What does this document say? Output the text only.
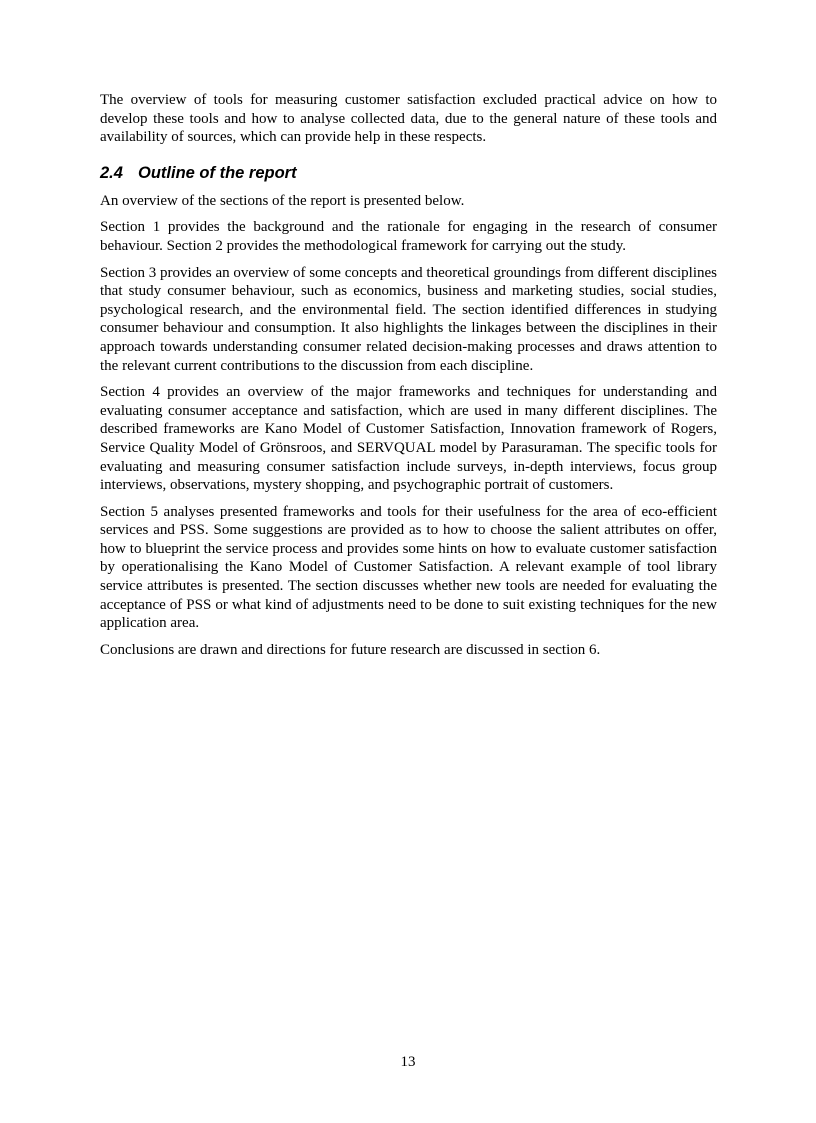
The overview of tools for measuring customer satisfaction excluded practical advice on how to develop these tools and how to analyse collected data, due to the general nature of these tools and availability of sources, which can provide help in these respects.

2.4 Outline of the report

An overview of the sections of the report is presented below.

Section 1 provides the background and the rationale for engaging in the research of consumer behaviour. Section 2 provides the methodological framework for carrying out the study.

Section 3 provides an overview of some concepts and theoretical groundings from different disciplines that study consumer behaviour, such as economics, business and marketing studies, social studies, psychological research, and the environmental field. The section identified differences in studying consumer behaviour and consumption. It also highlights the linkages between the disciplines in their approach towards understanding consumer related decision-making processes and draws attention to the relevant current contributions to the discussion from each discipline.

Section 4 provides an overview of the major frameworks and techniques for understanding and evaluating consumer acceptance and satisfaction, which are used in many different disciplines. The described frameworks are Kano Model of Customer Satisfaction, Innovation framework of Rogers, Service Quality Model of Grönsroos, and SERVQUAL model by Parasuraman. The specific tools for evaluating and measuring consumer satisfaction include surveys, in-depth interviews, focus group interviews, observations, mystery shopping, and psychographic portrait of customers.

Section 5 analyses presented frameworks and tools for their usefulness for the area of eco-efficient services and PSS. Some suggestions are provided as to how to choose the salient attributes on offer, how to blueprint the service process and provides some hints on how to evaluate customer satisfaction by operationalising the Kano Model of Customer Satisfaction. A relevant example of tool library service attributes is presented. The section discusses whether new tools are needed for evaluating the acceptance of PSS or what kind of adjustments need to be done to suit existing techniques for the new application area.

Conclusions are drawn and directions for future research are discussed in section 6.

13
